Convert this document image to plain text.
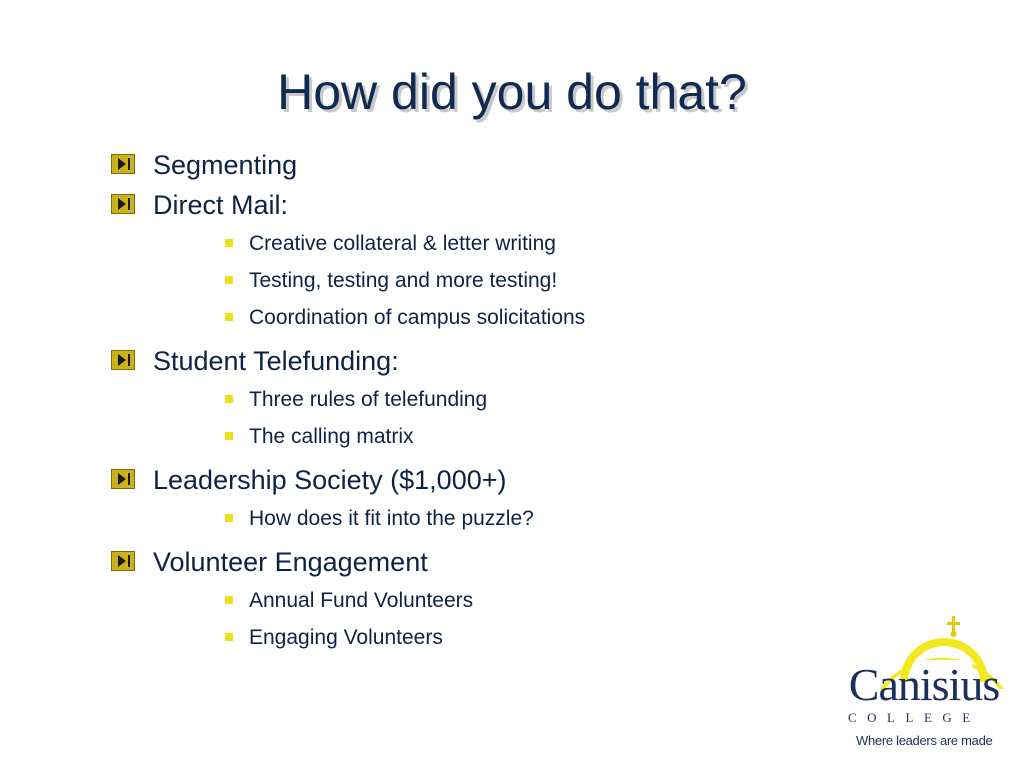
How did you do that?
Segmenting
Direct Mail:
Creative collateral & letter writing
Testing, testing and more testing!
Coordination of campus solicitations
Student Telefunding:
Three rules of telefunding
The calling matrix
Leadership Society ($1,000+)
How does it fit into the puzzle?
Volunteer Engagement
Annual Fund Volunteers
Engaging Volunteers
Canisius
COLLEGE
Where leaders are made
